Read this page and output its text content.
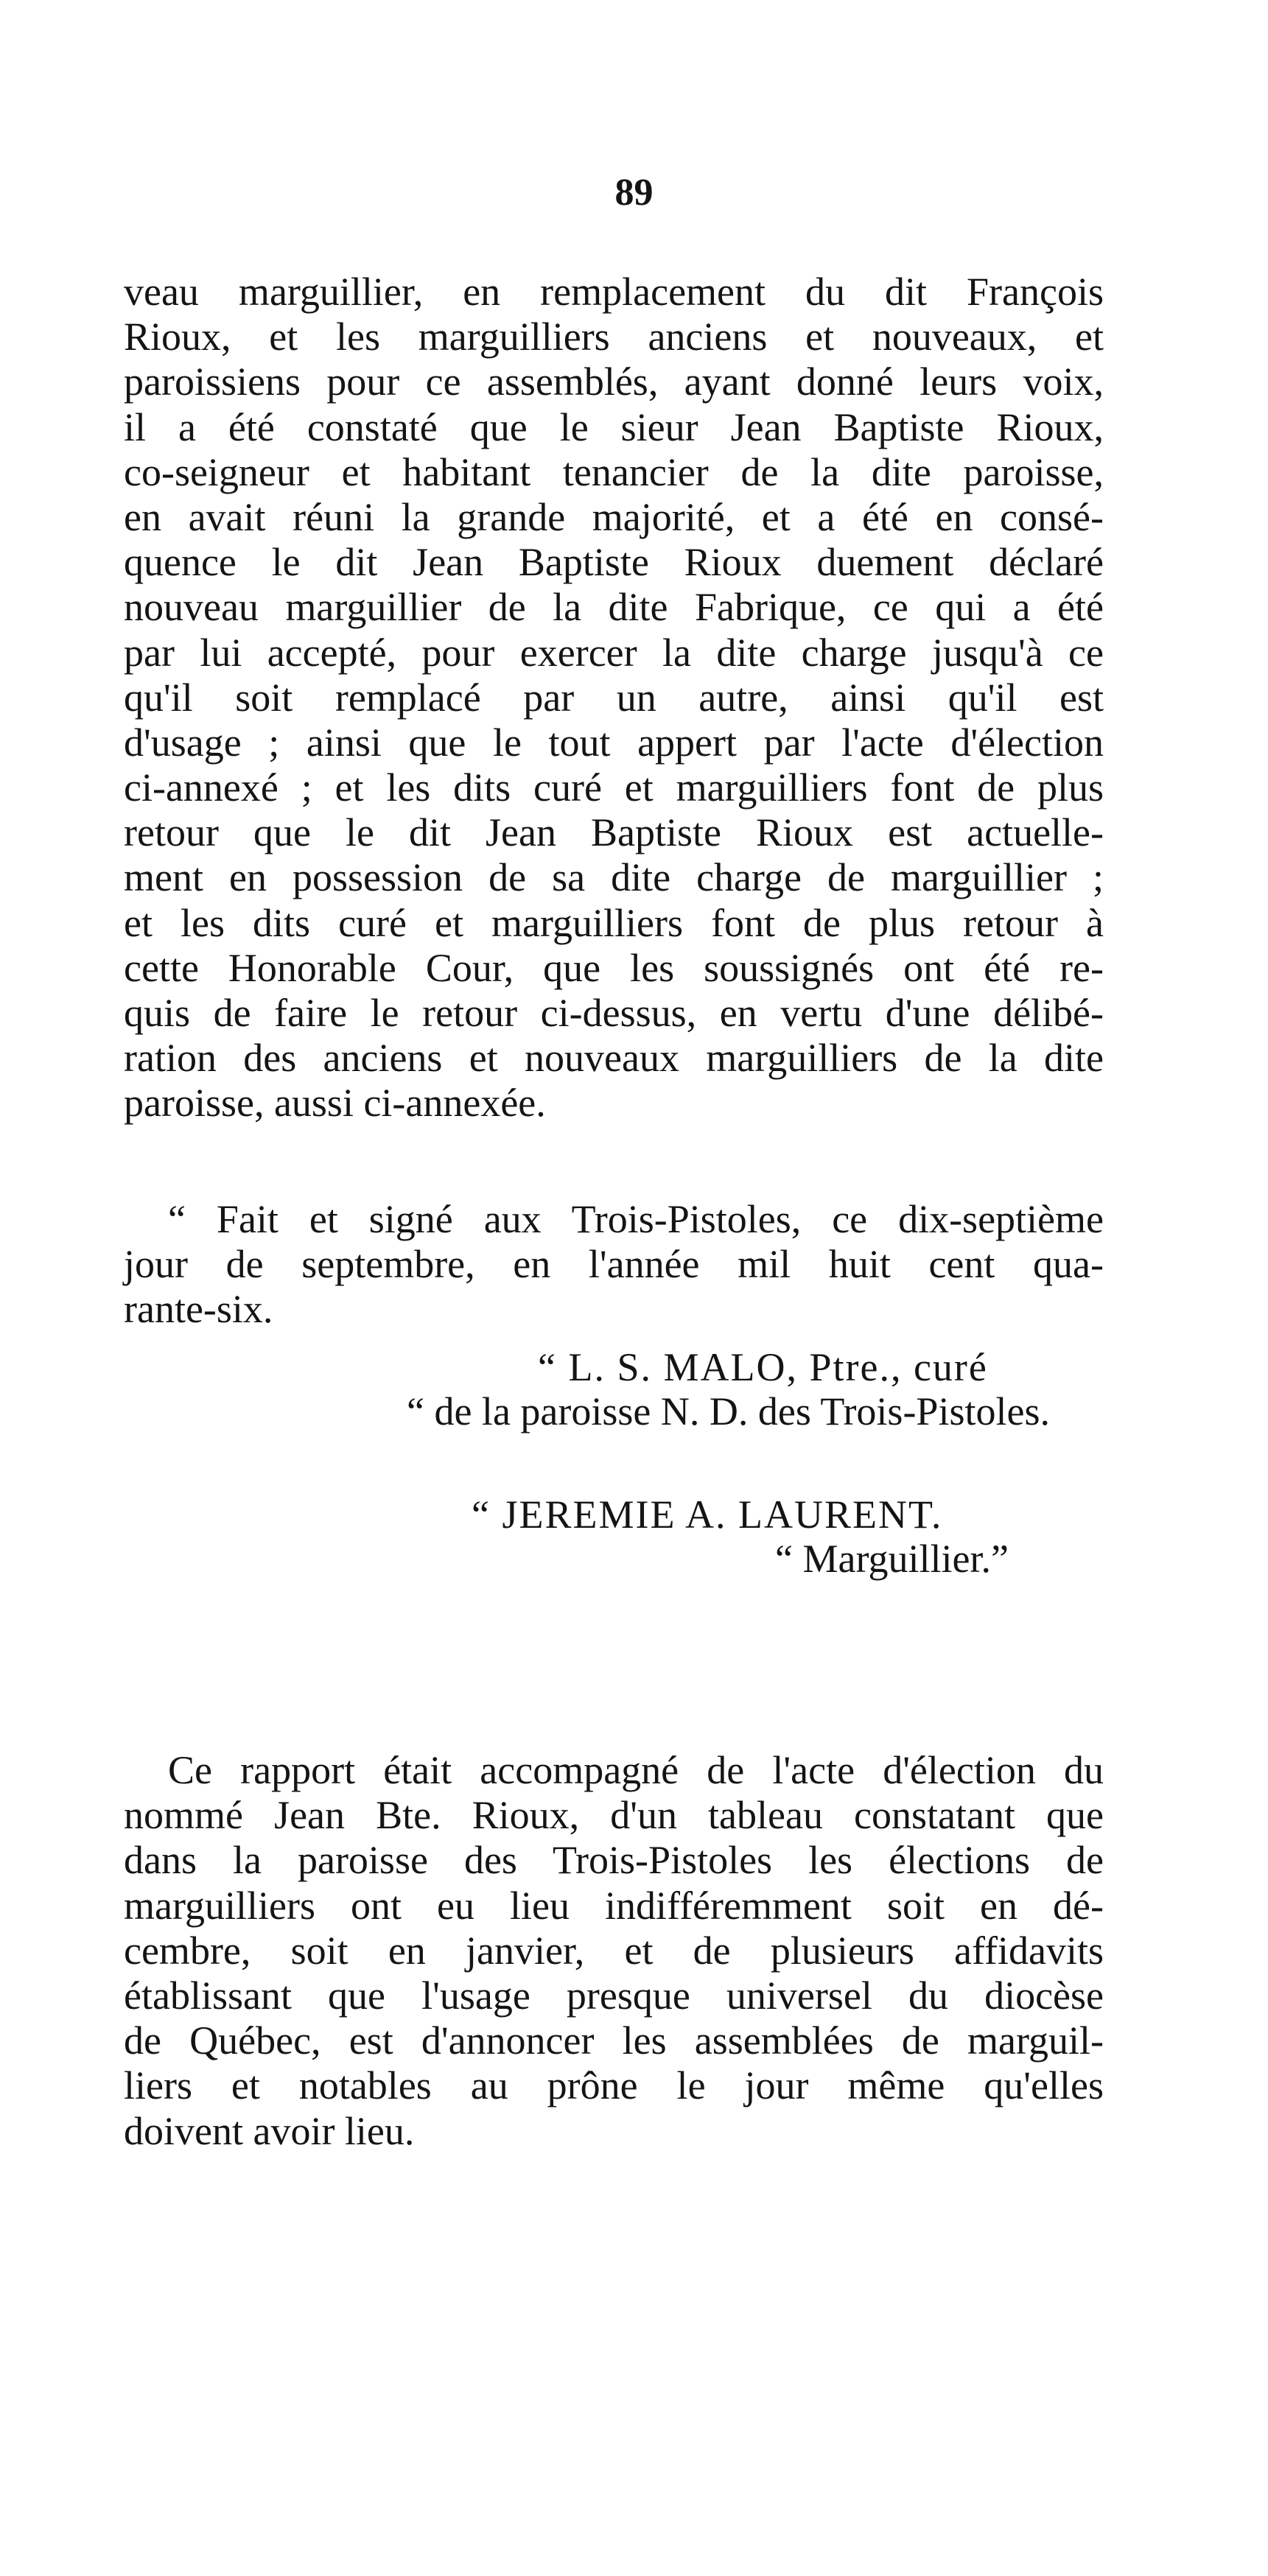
89
veau marguillier, en remplacement du dit François
Rioux, et les marguilliers anciens et nouveaux, et
paroissiens pour ce assemblés, ayant donné leurs voix,
il a été constaté que le sieur Jean Baptiste Rioux,
co-seigneur et habitant tenancier de la dite paroisse,
en avait réuni la grande majorité, et a été en consé-
quence le dit Jean Baptiste Rioux duement déclaré
nouveau marguillier de la dite Fabrique, ce qui a été
par lui accepté, pour exercer la dite charge jusqu'à ce
qu'il soit remplacé par un autre, ainsi qu'il est
d'usage ; ainsi que le tout appert par l'acte d'élection
ci-annexé ; et les dits curé et marguilliers font de plus
retour que le dit Jean Baptiste Rioux est actuelle-
ment en possession de sa dite charge de marguillier ;
et les dits curé et marguilliers font de plus retour à
cette Honorable Cour, que les soussignés ont été re-
quis de faire le retour ci-dessus, en vertu d'une délibé-
ration des anciens et nouveaux marguilliers de la dite
paroisse, aussi ci-annexée.
“ Fait et signé aux Trois-Pistoles, ce dix-septième
jour de septembre, en l'année mil huit cent qua-
rante-six.
“ L. S. MALO, Ptre., curé
“ de la paroisse N. D. des Trois-Pistoles.
“ JEREMIE A. LAURENT.
“ Marguillier.”
Ce rapport était accompagné de l'acte d'élection du
nommé Jean Bte. Rioux, d'un tableau constatant que
dans la paroisse des Trois-Pistoles les élections de
marguilliers ont eu lieu indifféremment soit en dé-
cembre, soit en janvier, et de plusieurs affidavits
établissant que l'usage presque universel du diocèse
de Québec, est d'annoncer les assemblées de marguil-
liers et notables au prône le jour même qu'elles
doivent avoir lieu.
